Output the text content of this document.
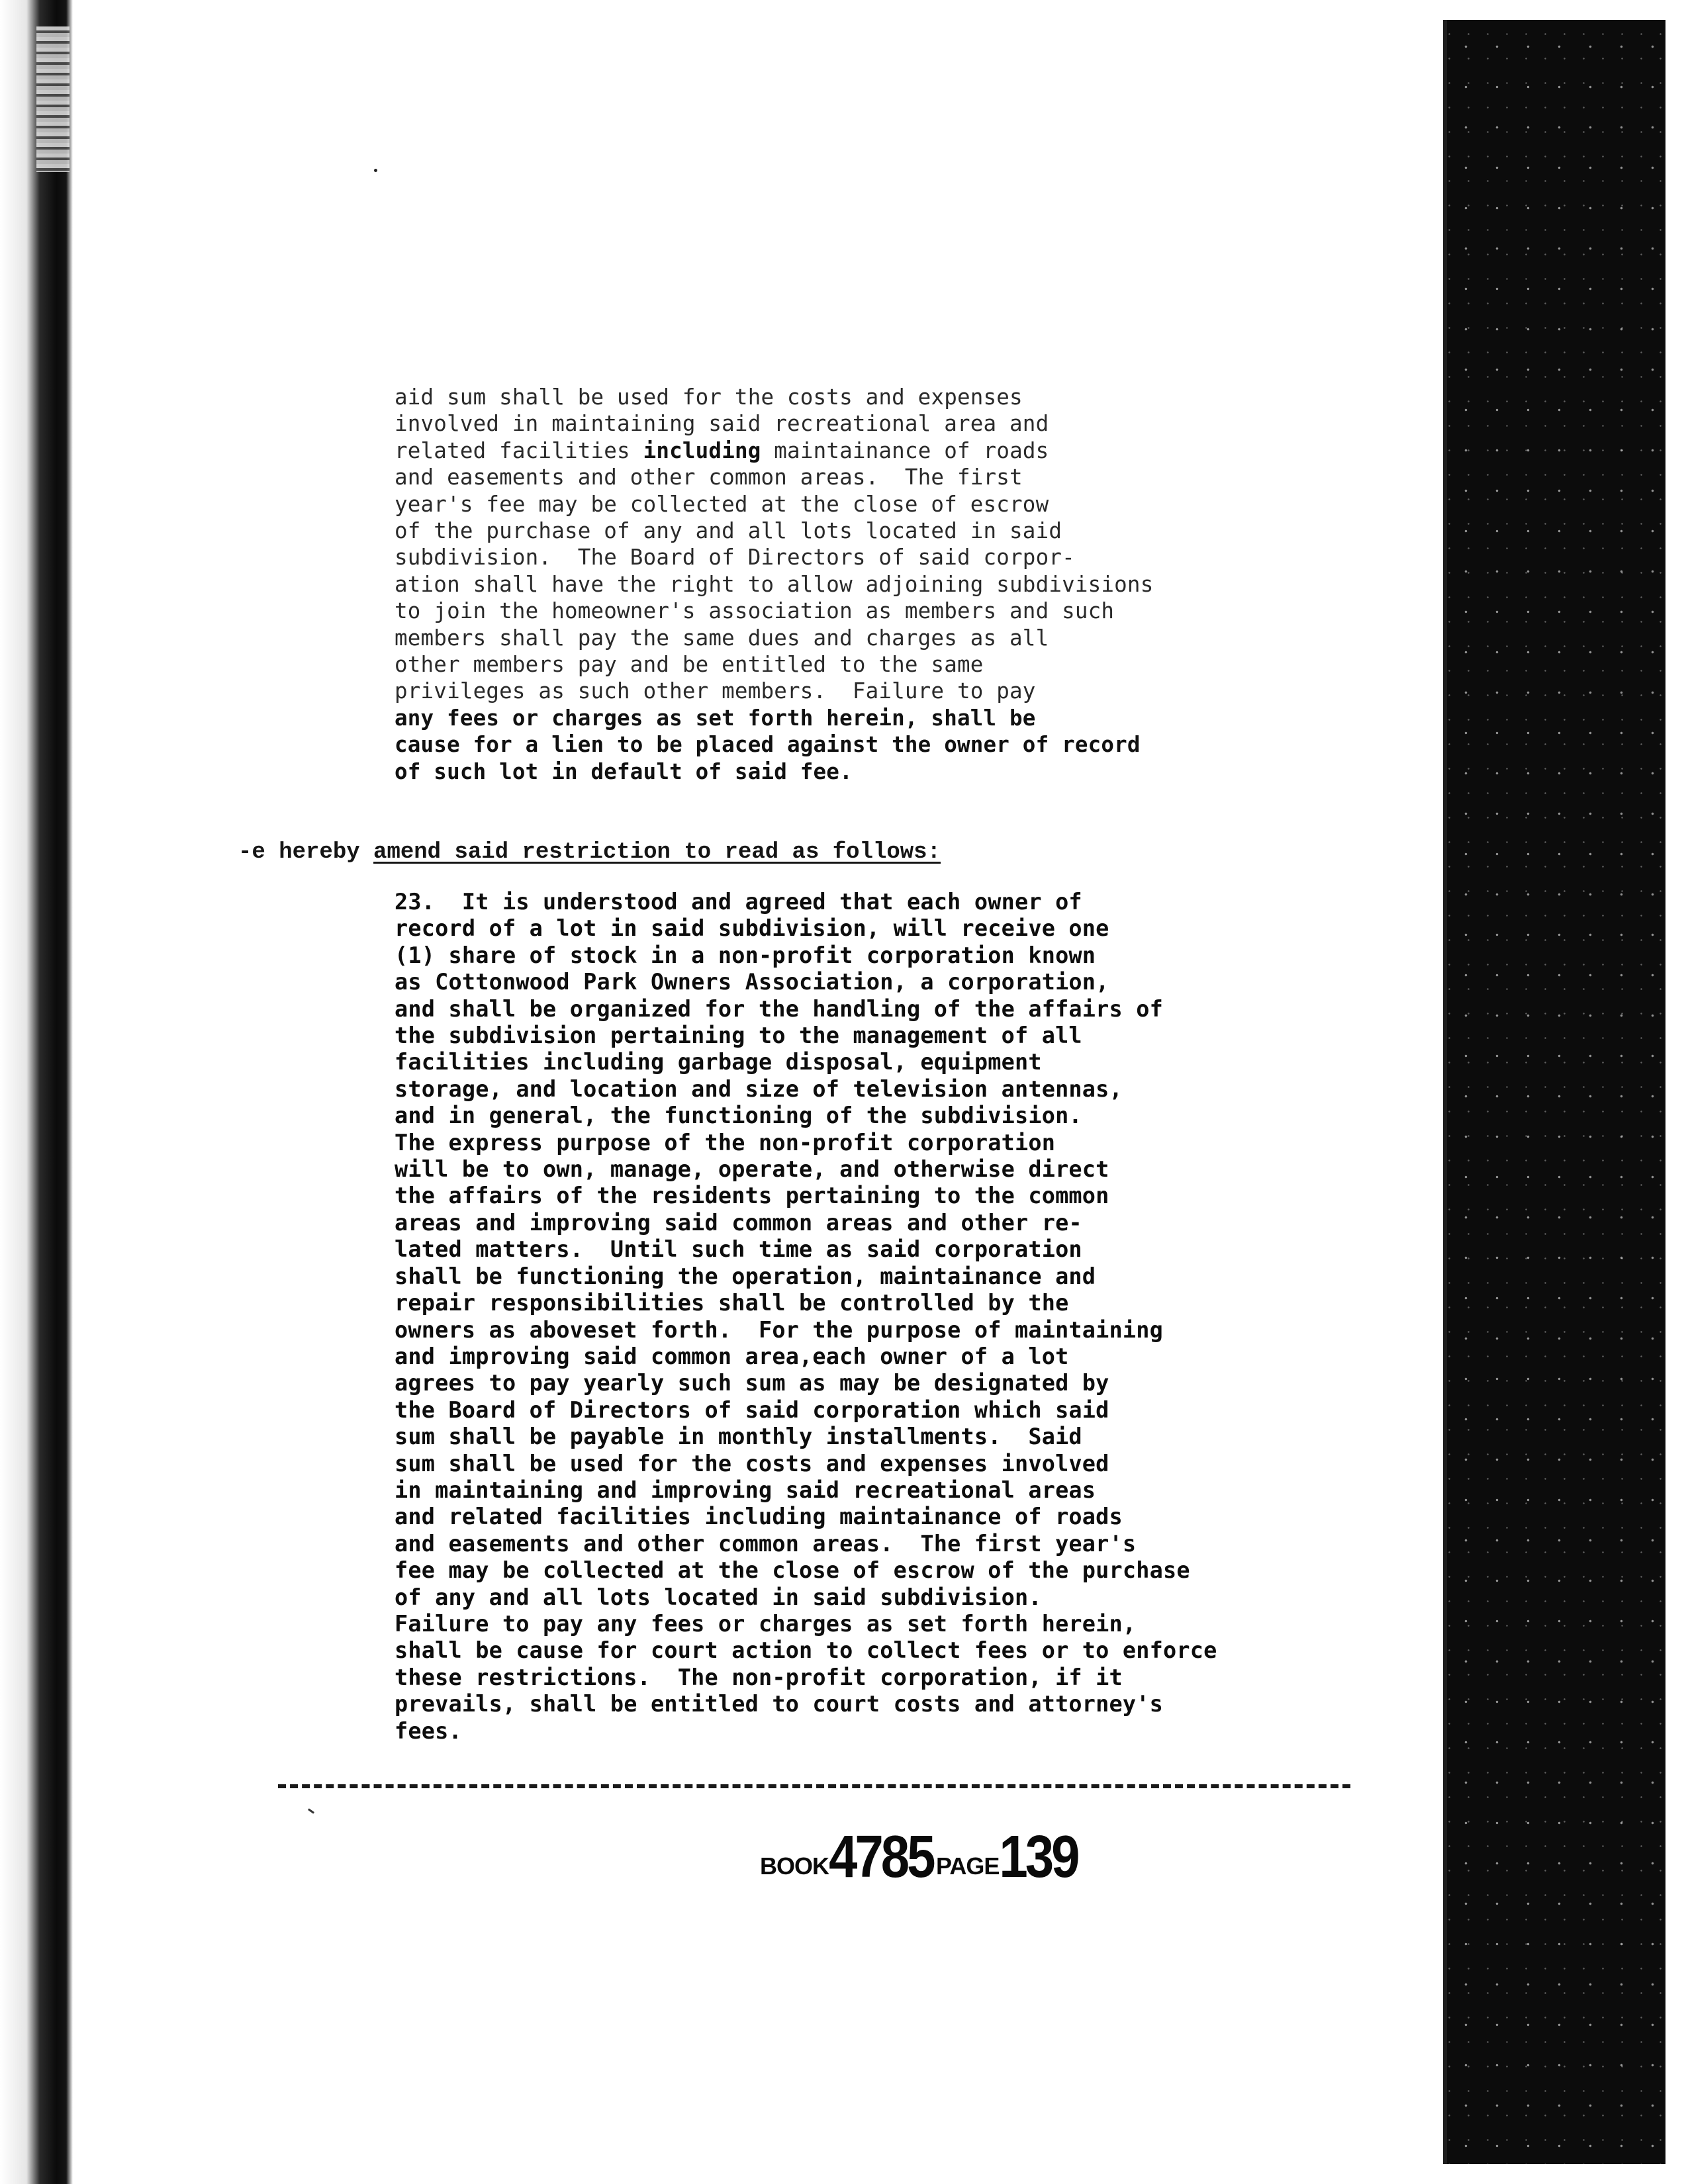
aid sum shall be used for the costs and expenses
involved in maintaining said recreational area and
related facilities including maintainance of roads
and easements and other common areas.  The first
year's fee may be collected at the close of escrow
of the purchase of any and all lots located in said
subdivision.  The Board of Directors of said corpor-
ation shall have the right to allow adjoining subdivisions
to join the homeowner's association as members and such
members shall pay the same dues and charges as all
other members pay and be entitled to the same
privileges as such other members.  Failure to pay
any fees or charges as set forth herein, shall be
cause for a lien to be placed against the owner of record
of such lot in default of said fee.

-e hereby amend said restriction to read as follows:

23.  It is understood and agreed that each owner of
record of a lot in said subdivision, will receive one
(1) share of stock in a non-profit corporation known
as Cottonwood Park Owners Association, a corporation,
and shall be organized for the handling of the affairs of
the subdivision pertaining to the management of all
facilities including garbage disposal, equipment
storage, and location and size of television antennas,
and in general, the functioning of the subdivision.
The express purpose of the non-profit corporation
will be to own, manage, operate, and otherwise direct
the affairs of the residents pertaining to the common
areas and improving said common areas and other re-
lated matters.  Until such time as said corporation
shall be functioning the operation, maintainance and
repair responsibilities shall be controlled by the
owners as aboveset forth.  For the purpose of maintaining
and improving said common area,each owner of a lot
agrees to pay yearly such sum as may be designated by
the Board of Directors of said corporation which said
sum shall be payable in monthly installments.  Said
sum shall be used for the costs and expenses involved
in maintaining and improving said recreational areas
and related facilities including maintainance of roads
and easements and other common areas.  The first year's
fee may be collected at the close of escrow of the purchase
of any and all lots located in said subdivision.
Failure to pay any fees or charges as set forth herein,
shall be cause for court action to collect fees or to enforce
these restrictions.  The non-profit corporation, if it
prevails, shall be entitled to court costs and attorney's
fees.
BOOK4785 PAGE139
